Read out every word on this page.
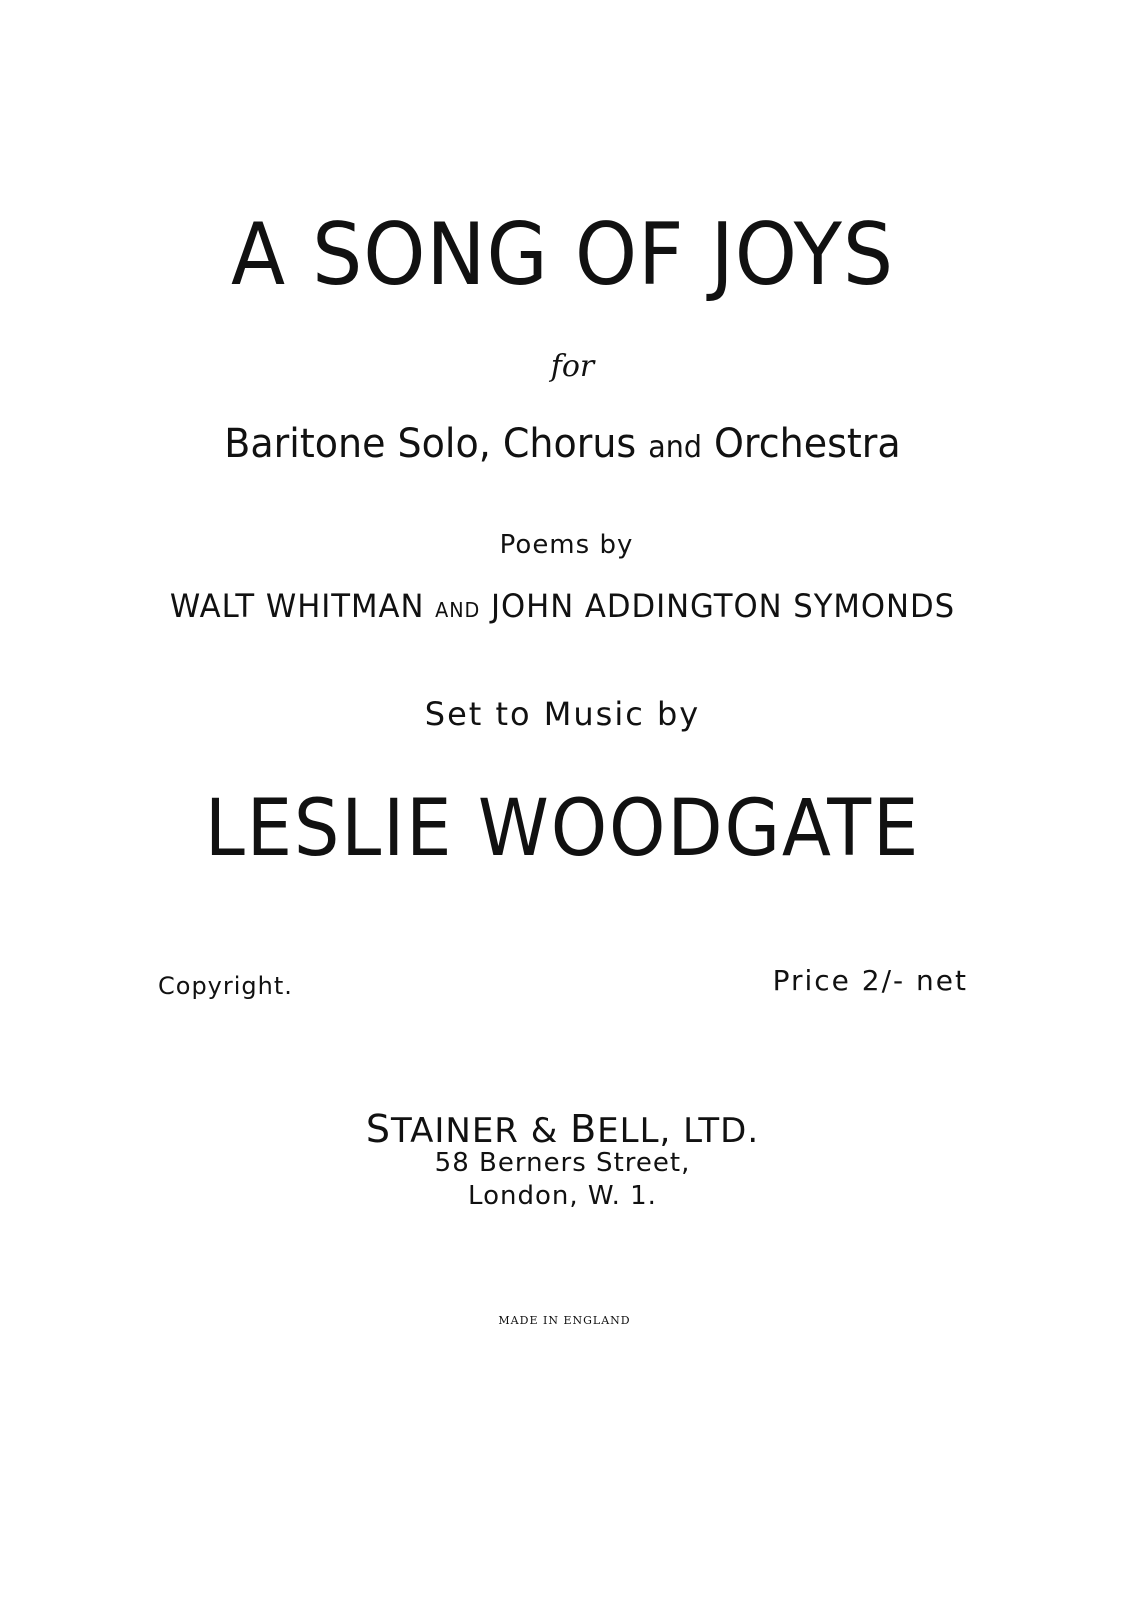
A SONG OF JOYS
for
Baritone Solo, Chorus and Orchestra
Poems by
WALT WHITMAN AND JOHN ADDINGTON SYMONDS
Set to Music by
LESLIE WOODGATE
Copyright.	Price 2/- net
STAINER & BELL, LTD.
58 Berners Street,
London, W. 1.
MADE IN ENGLAND
